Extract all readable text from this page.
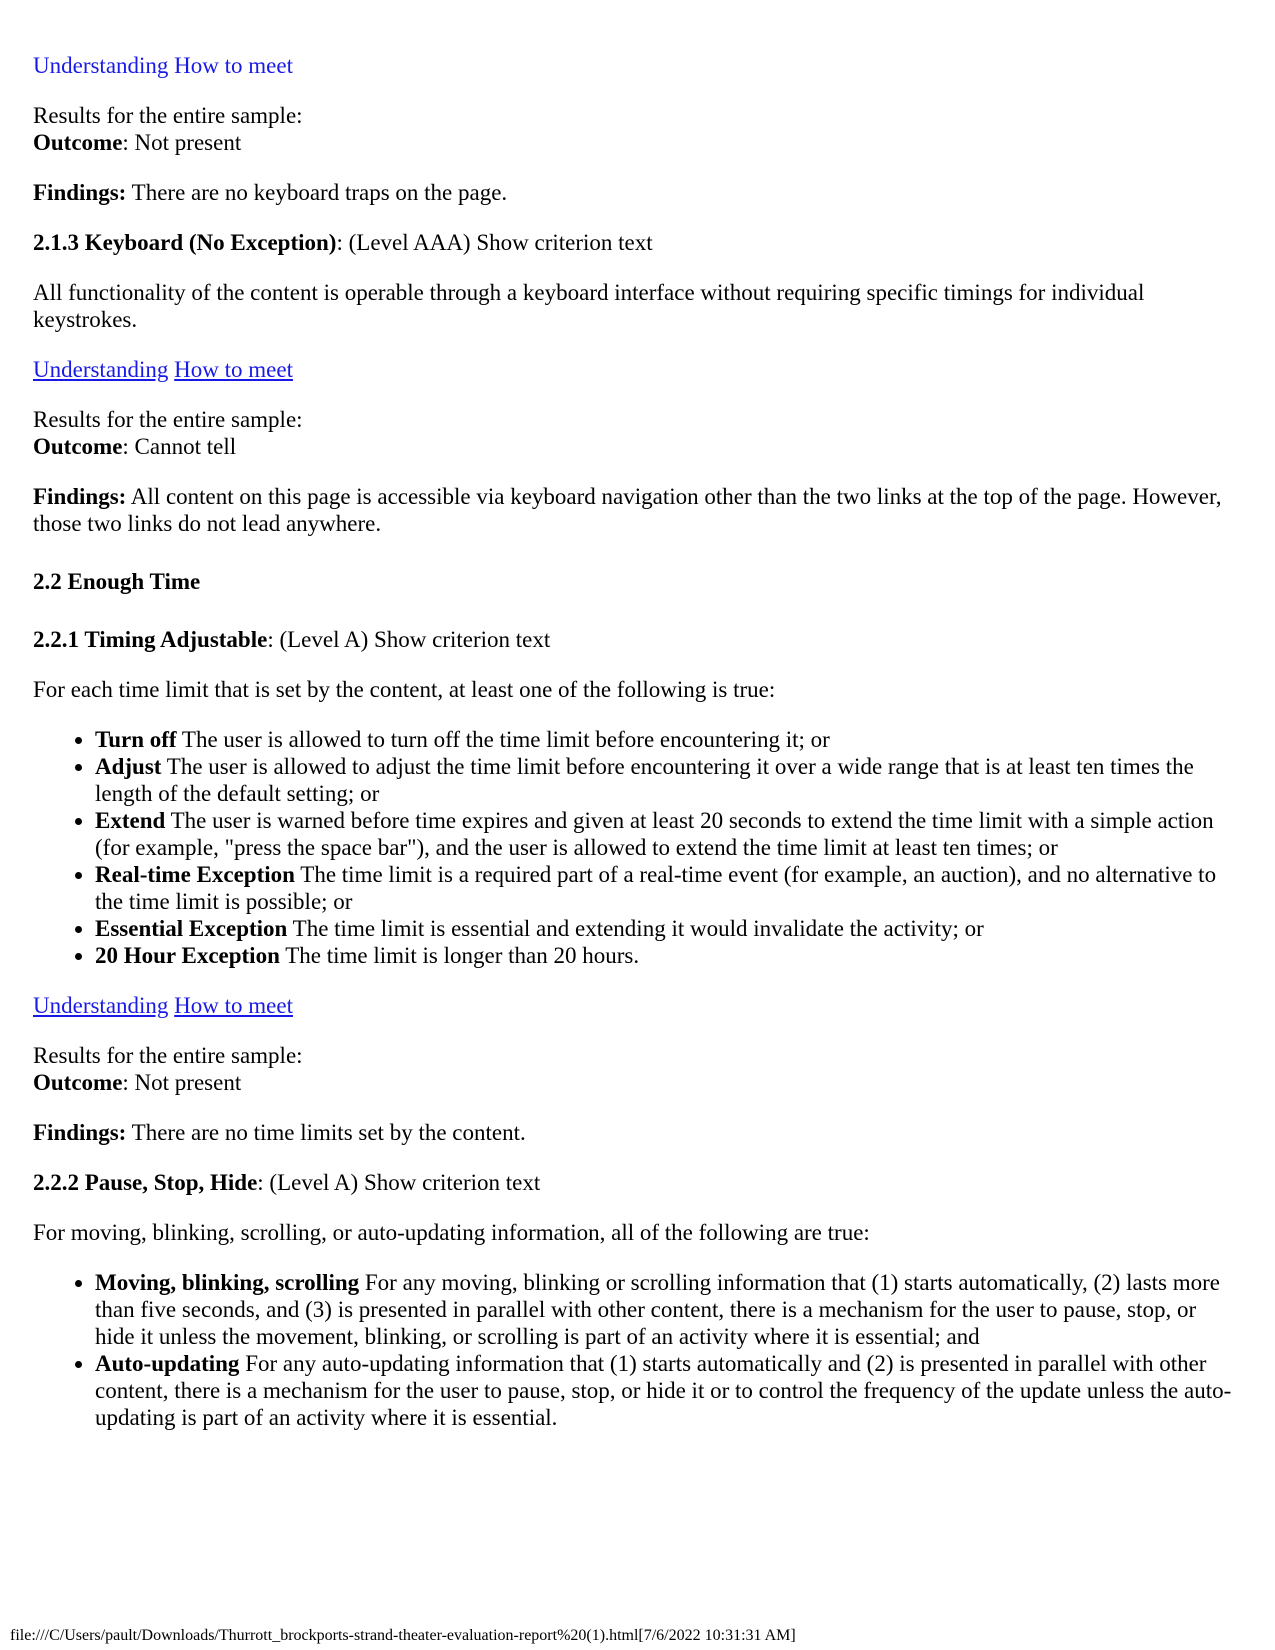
Understanding How to meet

Results for the entire sample:

Outcome: Not present

Findings: There are no keyboard traps on the page.

2.1.3 Keyboard (No Exception): (Level AAA) Show criterion text

All functionality of the content is operable through a keyboard interface without requiring specific timings for individual keystrokes.

Understanding How to meet

Results for the entire sample:

Outcome: Cannot tell

Findings: All content on this page is accessible via keyboard navigation other than the two links at the top of the page. However, those two links do not lead anywhere.

2.2 Enough Time

2.2.1 Timing Adjustable: (Level A) Show criterion text

For each time limit that is set by the content, at least one of the following is true:

• Turn off The user is allowed to turn off the time limit before encountering it; or
• Adjust The user is allowed to adjust the time limit before encountering it over a wide range that is at least ten times the length of the default setting; or
• Extend The user is warned before time expires and given at least 20 seconds to extend the time limit with a simple action (for example, "press the space bar"), and the user is allowed to extend the time limit at least ten times; or
• Real-time Exception The time limit is a required part of a real-time event (for example, an auction), and no alternative to the time limit is possible; or
• Essential Exception The time limit is essential and extending it would invalidate the activity; or
• 20 Hour Exception The time limit is longer than 20 hours.

Understanding How to meet

Results for the entire sample:

Outcome: Not present

Findings: There are no time limits set by the content.

2.2.2 Pause, Stop, Hide: (Level A) Show criterion text

For moving, blinking, scrolling, or auto-updating information, all of the following are true:

• Moving, blinking, scrolling For any moving, blinking or scrolling information that (1) starts automatically, (2) lasts more than five seconds, and (3) is presented in parallel with other content, there is a mechanism for the user to pause, stop, or hide it unless the movement, blinking, or scrolling is part of an activity where it is essential; and
• Auto-updating For any auto-updating information that (1) starts automatically and (2) is presented in parallel with other content, there is a mechanism for the user to pause, stop, or hide it or to control the frequency of the update unless the auto-updating is part of an activity where it is essential.
file:///C/Users/pault/Downloads/Thurrott_brockports-strand-theater-evaluation-report%20(1).html[7/6/2022 10:31:31 AM]
